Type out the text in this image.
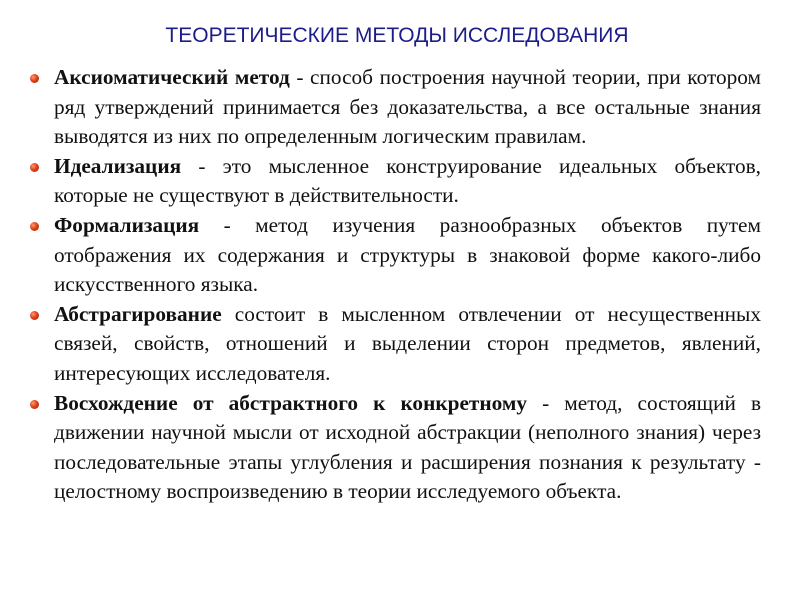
ТЕОРЕТИЧЕСКИЕ МЕТОДЫ ИССЛЕДОВАНИЯ
Аксиоматический метод - способ построения научной теории, при котором ряд утверждений принимается без доказательства, а все остальные знания выводятся из них по определенным логическим правилам.
Идеализация - это мысленное конструирование идеальных объектов, которые не существуют в действительности.
Формализация - метод изучения разнообразных объектов путем отображения их содержания и структуры в знаковой форме какого-либо искусственного языка.
Абстрагирование состоит в мысленном отвлечении от несущественных связей, свойств, отношений и выделении сторон предметов, явлений, интересующих исследователя.
Восхождение от абстрактного к конкретному - метод, состоящий в движении научной мысли от исходной абстракции (неполного знания) через последовательные этапы углубления и расширения познания к результату - целостному воспроизведению в теории исследуемого объекта.
